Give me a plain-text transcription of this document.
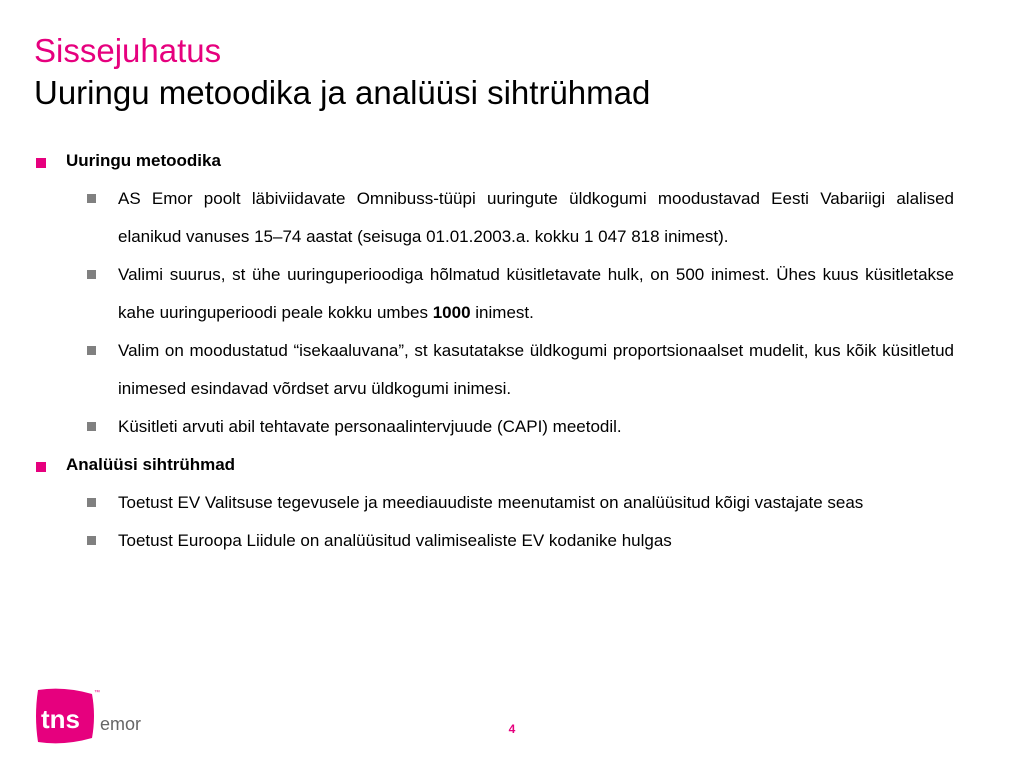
Sissejuhatus
Uuringu metoodika ja analüüsi sihtrühmad
Uuringu metoodika
AS Emor poolt läbiviidavate Omnibuss-tüüpi uuringute üldkogumi moodustavad Eesti Vabariigi alalised elanikud vanuses 15–74 aastat (seisuga 01.01.2003.a. kokku 1 047 818 inimest).
Valimi suurus, st ühe uuringuperioodiga hõlmatud küsitletavate hulk, on 500 inimest. Ühes kuus küsitletakse kahe uuringuperioodi peale kokku umbes 1000 inimest.
Valim on moodustatud “isekaaluvana”, st kasutatakse üldkogumi proportsionaalset mudelit, kus kõik küsitletud inimesed esindavad võrdset arvu üldkogumi inimesi.
Küsitleti arvuti abil tehtavate personaalintervjuude (CAPI) meetodil.
Analüüsi sihtrühmad
Toetust EV Valitsuse tegevusele ja meediauudiste meenutamist on analüüsitud kõigi vastajate seas
Toetust Euroopa Liidule on analüüsitud valimisealiste EV kodanike hulgas
tns
™
emor	4
